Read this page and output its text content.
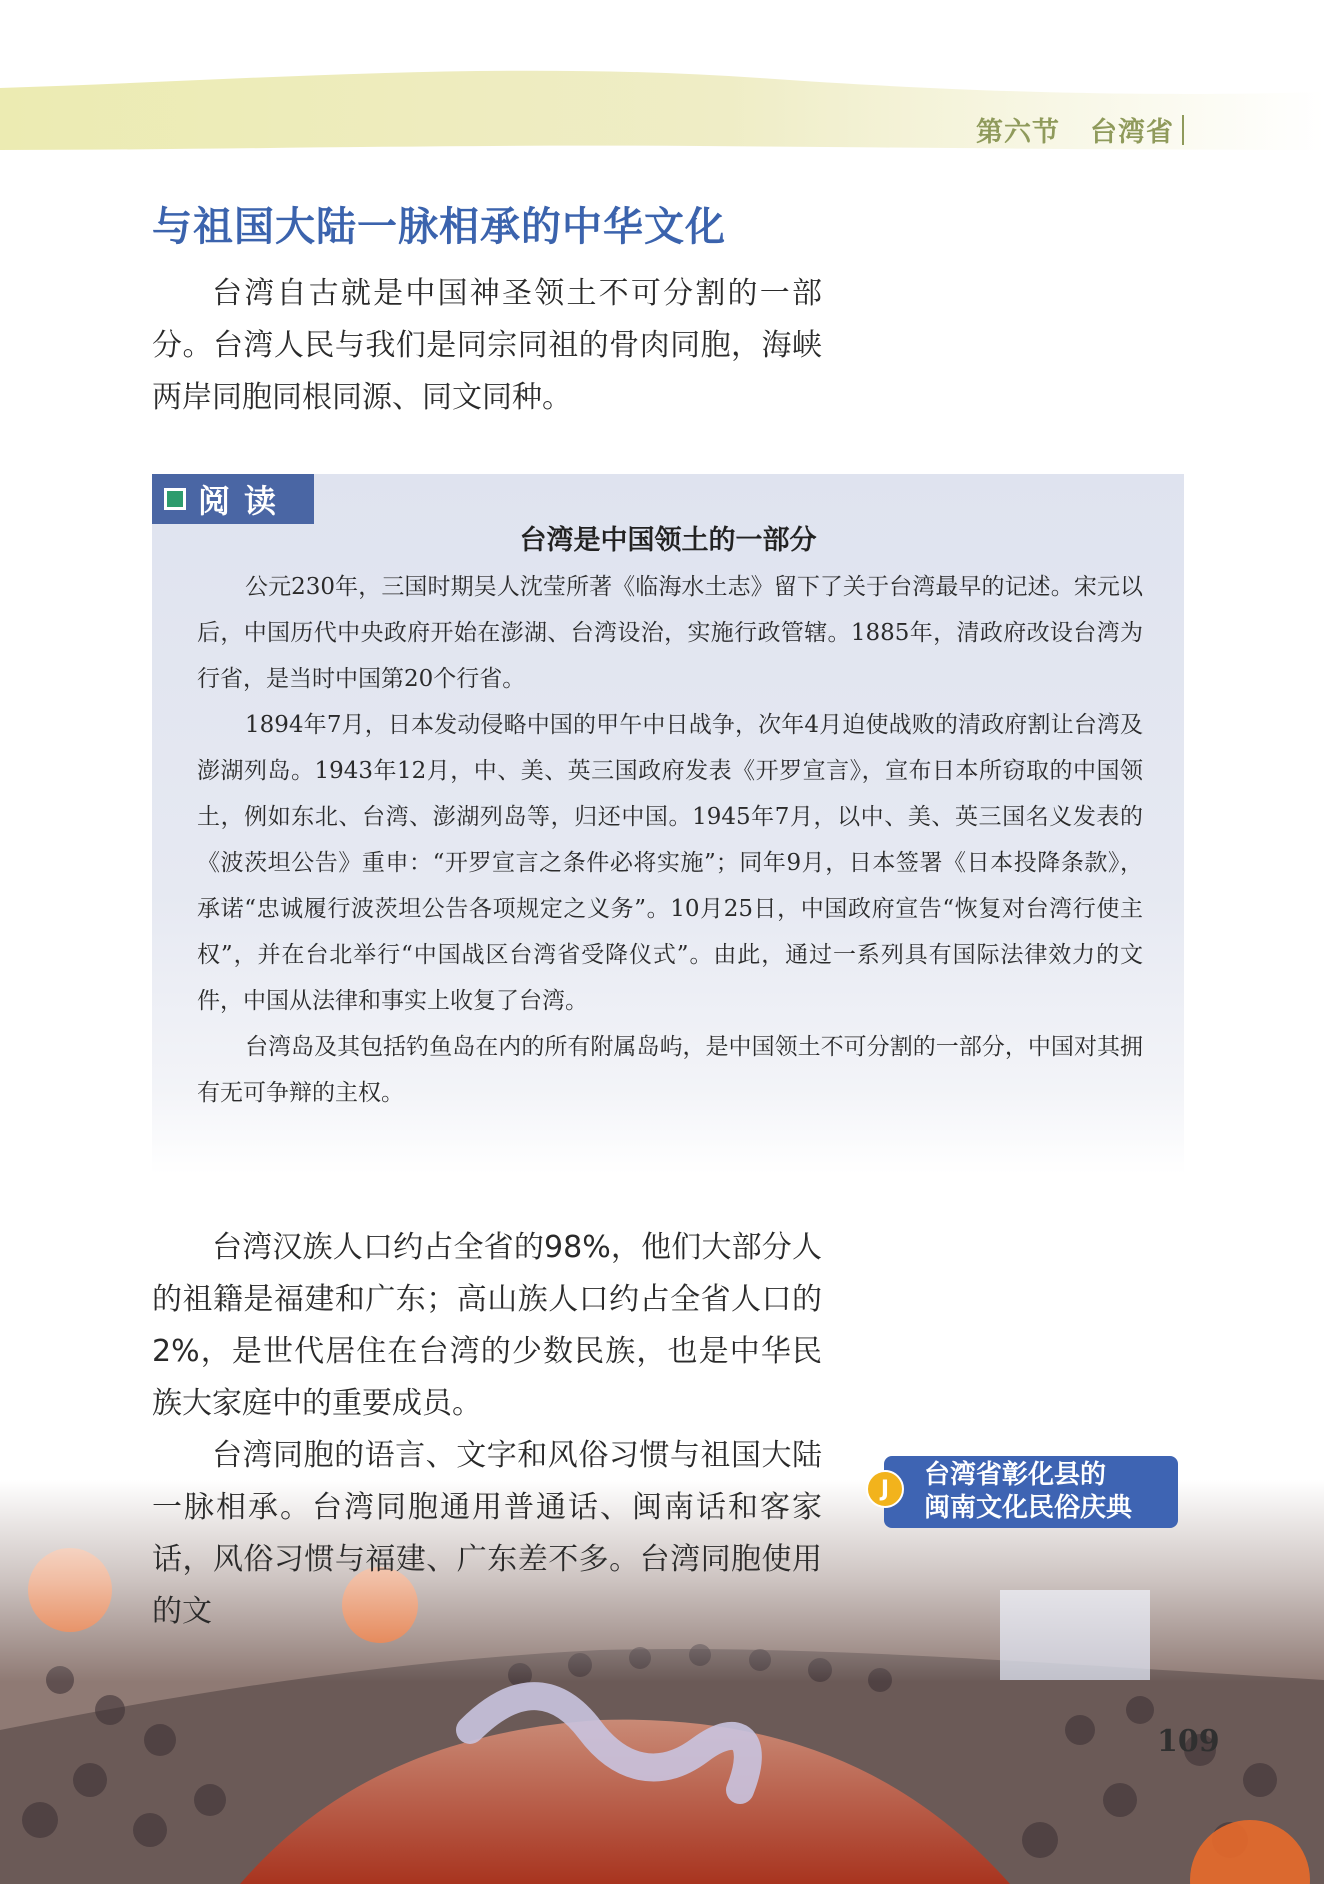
第六节 台湾省
与祖国大陆一脉相承的中华文化

台湾自古就是中国神圣领土不可分割的一部分。台湾人民与我们是同宗同祖的骨肉同胞，海峡两岸同胞同根同源、同文同种。

阅读
台湾是中国领土的一部分

公元230年，三国时期吴人沈莹所著《临海水土志》留下了关于台湾最早的记述。宋元以后，中国历代中央政府开始在澎湖、台湾设治，实施行政管辖。1885年，清政府改设台湾为行省，是当时中国第20个行省。

1894年7月，日本发动侵略中国的甲午中日战争，次年4月迫使战败的清政府割让台湾及澎湖列岛。1943年12月，中、美、英三国政府发表《开罗宣言》，宣布日本所窃取的中国领土，例如东北、台湾、澎湖列岛等，归还中国。1945年7月，以中、美、英三国名义发表的《波茨坦公告》重申：“开罗宣言之条件必将实施”；同年9月，日本签署《日本投降条款》，承诺“忠诚履行波茨坦公告各项规定之义务”。10月25日，中国政府宣告“恢复对台湾行使主权”，并在台北举行“中国战区台湾省受降仪式”。由此，通过一系列具有国际法律效力的文件，中国从法律和事实上收复了台湾。

台湾岛及其包括钓鱼岛在内的所有附属岛屿，是中国领土不可分割的一部分，中国对其拥有无可争辩的主权。

台湾汉族人口约占全省的98%，他们大部分人的祖籍是福建和广东；高山族人口约占全省人口的2%，是世代居住在台湾的少数民族，也是中华民族大家庭中的重要成员。

台湾同胞的语言、文字和风俗习惯与祖国大陆一脉相承。台湾同胞通用普通话、闽南话和客家话，风俗习惯与福建、广东差不多。台湾同胞使用的文

台湾省彰化县的
闽南文化民俗庆典
J
109
